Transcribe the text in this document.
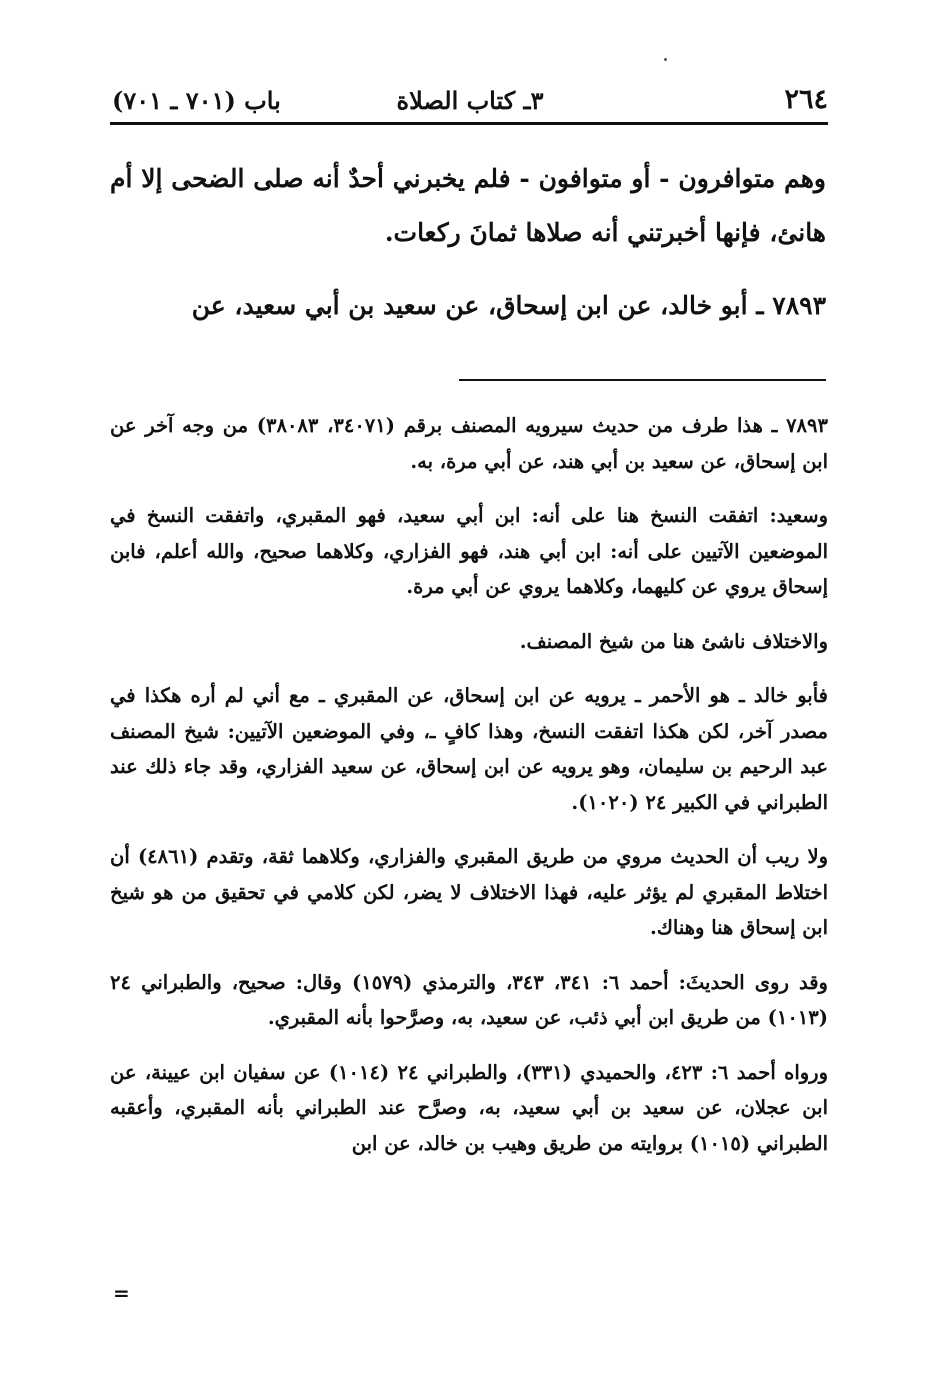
٢٦٤
٣ـ كتاب الصلاة
باب (٧٠١ ـ ٧٠١)

وهم متوافرون - أو متوافون - فلم يخبرني أحدٌ أنه صلى الضحى إلا أم هانئ، فإنها أخبرتني أنه صلاها ثمانَ ركعات.

٧٨٩٣ ـ أبو خالد، عن ابن إسحاق، عن سعيد بن أبي سعيد، عن

٧٨٩٣ ـ هذا طرف من حديث سيرويه المصنف برقم (٣٤٠٧١، ٣٨٠٨٣) من وجه آخر عن ابن إسحاق، عن سعيد بن أبي هند، عن أبي مرة، به.

وسعيد: اتفقت النسخ هنا على أنه: ابن أبي سعيد، فهو المقبري، واتفقت النسخ في الموضعين الآتيين على أنه: ابن أبي هند، فهو الفزاري، وكلاهما صحيح، والله أعلم، فابن إسحاق يروي عن كليهما، وكلاهما يروي عن أبي مرة.

والاختلاف ناشئ هنا من شيخ المصنف.

فأبو خالد ـ هو الأحمر ـ يرويه عن ابن إسحاق، عن المقبري ـ مع أني لم أره هكذا في مصدر آخر، لكن هكذا اتفقت النسخ، وهذا كافٍ ـ، وفي الموضعين الآتيين: شيخ المصنف عبد الرحيم بن سليمان، وهو يرويه عن ابن إسحاق، عن سعيد الفزاري، وقد جاء ذلك عند الطبراني في الكبير ٢٤ (١٠٢٠).

ولا ريب أن الحديث مروي من طريق المقبري والفزاري، وكلاهما ثقة، وتقدم (٤٨٦١) أن اختلاط المقبري لم يؤثر عليه، فهذا الاختلاف لا يضر، لكن كلامي في تحقيق من هو شيخ ابن إسحاق هنا وهناك.

وقد روى الحديثَ: أحمد ٦: ٣٤١، ٣٤٣، والترمذي (١٥٧٩) وقال: صحيح، والطبراني ٢٤ (١٠١٣) من طريق ابن أبي ذئب، عن سعيد، به، وصرَّحوا بأنه المقبري.

ورواه أحمد ٦: ٤٢٣، والحميدي (٣٣١)، والطبراني ٢٤ (١٠١٤) عن سفيان ابن عيينة، عن ابن عجلان، عن سعيد بن أبي سعيد، به، وصرَّح عند الطبراني بأنه المقبري، وأعقبه الطبراني (١٠١٥) بروايته من طريق وهيب بن خالد، عن ابن

=
